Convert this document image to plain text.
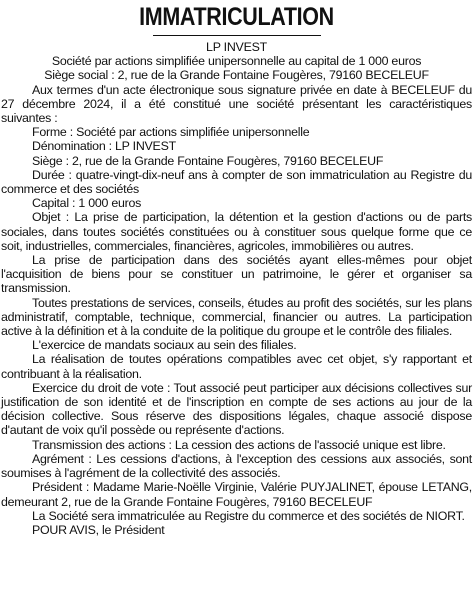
IMMATRICULATION
LP INVEST
Société par actions simplifiée unipersonnelle au capital de 1 000 euros
Siège social : 2, rue de la Grande Fontaine Fougères, 79160 BECELEUF

Aux termes d'un acte électronique sous signature privée en date à BECELEUF du 27 décembre 2024, il a été constitué une société présentant les caractéristiques suivantes :

Forme : Société par actions simplifiée unipersonnelle

Dénomination : LP INVEST

Siège : 2, rue de la Grande Fontaine Fougères, 79160 BECELEUF

Durée : quatre-vingt-dix-neuf ans à compter de son immatriculation au Registre du commerce et des sociétés

Capital : 1 000 euros

Objet : La prise de participation, la détention et la gestion d'actions ou de parts sociales, dans toutes sociétés constituées ou à constituer sous quelque forme que ce soit, industrielles, commerciales, financières, agricoles, immobilières ou autres.

La prise de participation dans des sociétés ayant elles-mêmes pour objet l'acquisition de biens pour se constituer un patrimoine, le gérer et organiser sa transmission.

Toutes prestations de services, conseils, études au profit des sociétés, sur les plans administratif, comptable, technique, commercial, financier ou autres. La participation active à la définition et à la conduite de la politique du groupe et le contrôle des filiales.

L'exercice de mandats sociaux au sein des filiales.

La réalisation de toutes opérations compatibles avec cet objet, s'y rapportant et contribuant à la réalisation.

Exercice du droit de vote : Tout associé peut participer aux décisions collectives sur justification de son identité et de l'inscription en compte de ses actions au jour de la décision collective. Sous réserve des dispositions légales, chaque associé dispose d'autant de voix qu'il possède ou représente d'actions.

Transmission des actions : La cession des actions de l'associé unique est libre.

Agrément : Les cessions d'actions, à l'exception des cessions aux associés, sont soumises à l'agrément de la collectivité des associés.

Président : Madame Marie-Noëlle Virginie, Valérie PUYJALINET, épouse LETANG, demeurant 2, rue de la Grande Fontaine Fougères, 79160 BECELEUF

La Société sera immatriculée au Registre du commerce et des sociétés de NIORT.

POUR AVIS, le Président
